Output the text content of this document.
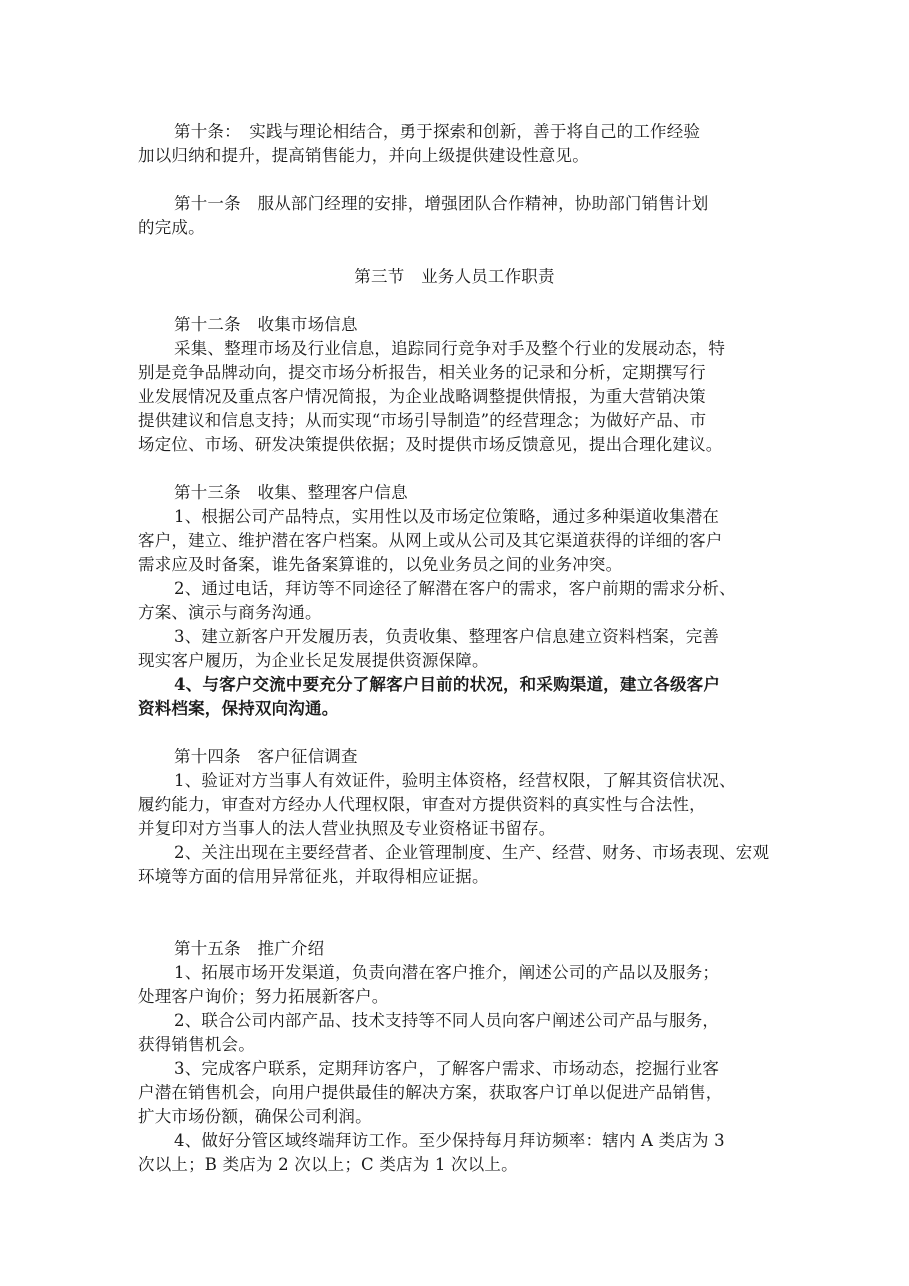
第十条：　实践与理论相结合，勇于探索和创新，善于将自己的工作经验
加以归纳和提升，提高销售能力，并向上级提供建设性意见。
第十一条　服从部门经理的安排，增强团队合作精神，协助部门销售计划
的完成。
第三节　业务人员工作职责
第十二条　收集市场信息
采集、整理市场及行业信息，追踪同行竞争对手及整个行业的发展动态，特
别是竞争品牌动向，提交市场分析报告，相关业务的记录和分析，定期撰写行
业发展情况及重点客户情况简报，为企业战略调整提供情报，为重大营销决策
提供建议和信息支持；从而实现“市场引导制造”的经营理念；为做好产品、市
场定位、市场、研发决策提供依据；及时提供市场反馈意见，提出合理化建议。
第十三条　收集、整理客户信息
1、根据公司产品特点，实用性以及市场定位策略，通过多种渠道收集潜在
客户，建立、维护潜在客户档案。从网上或从公司及其它渠道获得的详细的客户
需求应及时备案，谁先备案算谁的，以免业务员之间的业务冲突。
2、通过电话，拜访等不同途径了解潜在客户的需求，客户前期的需求分析、
方案、演示与商务沟通。
3、建立新客户开发履历表，负责收集、整理客户信息建立资料档案，完善
现实客户履历，为企业长足发展提供资源保障。
4、与客户交流中要充分了解客户目前的状况，和采购渠道，建立各级客户
资料档案，保持双向沟通。
第十四条　客户征信调查
1、验证对方当事人有效证件，验明主体资格，经营权限，了解其资信状况、
履约能力，审查对方经办人代理权限，审查对方提供资料的真实性与合法性，
并复印对方当事人的法人营业执照及专业资格证书留存。
2、关注出现在主要经营者、企业管理制度、生产、经营、财务、市场表现、宏观
环境等方面的信用异常征兆，并取得相应证据。
第十五条　推广介绍
1、拓展市场开发渠道，负责向潜在客户推介，阐述公司的产品以及服务；
处理客户询价；努力拓展新客户。
2、联合公司内部产品、技术支持等不同人员向客户阐述公司产品与服务，
获得销售机会。
3、完成客户联系，定期拜访客户，了解客户需求、市场动态，挖掘行业客
户潜在销售机会，向用户提供最佳的解决方案，获取客户订单以促进产品销售，
扩大市场份额，确保公司利润。
4、做好分管区域终端拜访工作。至少保持每月拜访频率：辖内 A 类店为 3
次以上；B 类店为 2 次以上；C 类店为 1 次以上。
